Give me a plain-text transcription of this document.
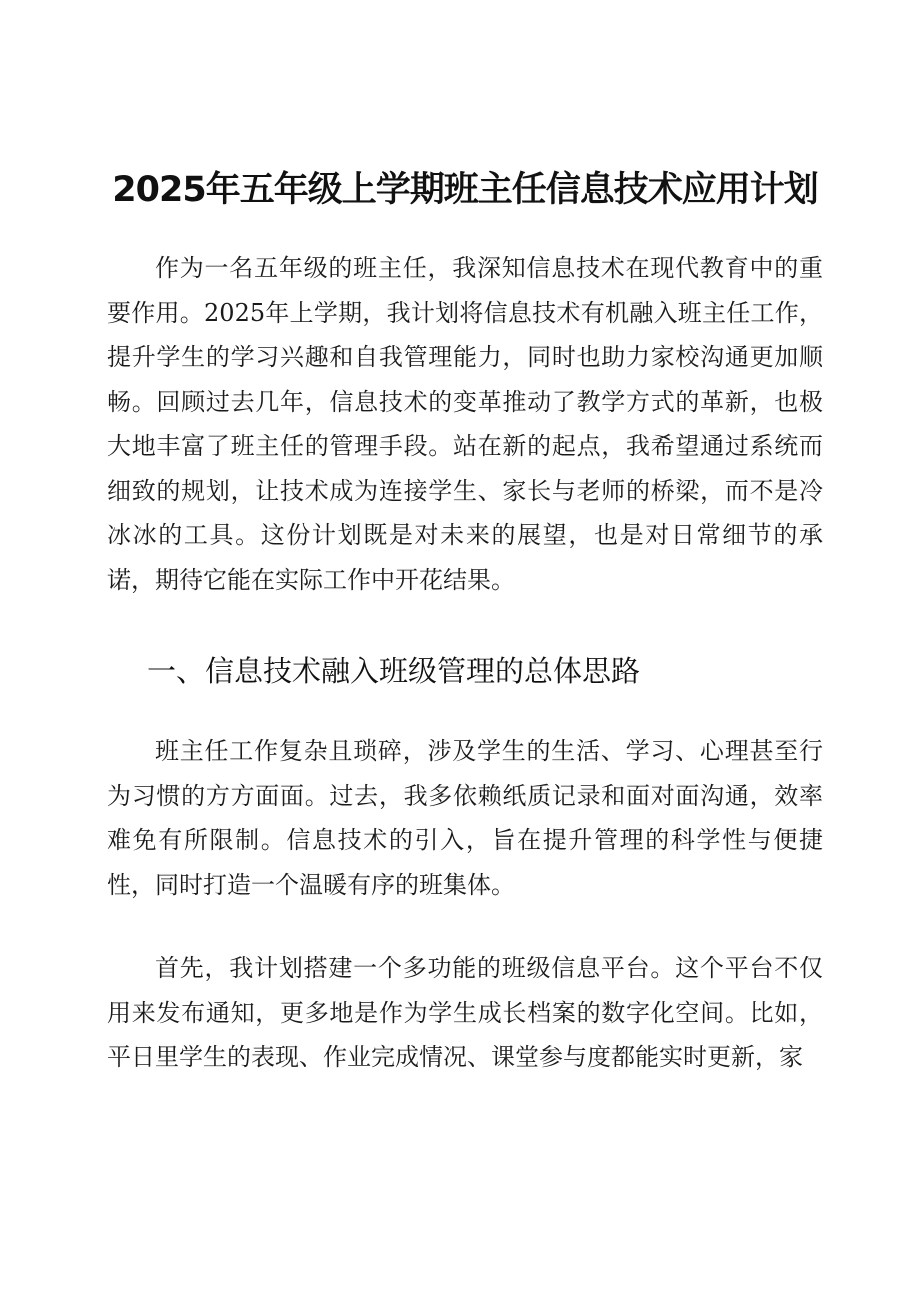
2025年五年级上学期班主任信息技术应用计划

作为一名五年级的班主任，我深知信息技术在现代教育中的重要作用。2025年上学期，我计划将信息技术有机融入班主任工作，提升学生的学习兴趣和自我管理能力，同时也助力家校沟通更加顺畅。回顾过去几年，信息技术的变革推动了教学方式的革新，也极大地丰富了班主任的管理手段。站在新的起点，我希望通过系统而细致的规划，让技术成为连接学生、家长与老师的桥梁，而不是冷冰冰的工具。这份计划既是对未来的展望，也是对日常细节的承诺，期待它能在实际工作中开花结果。

一、信息技术融入班级管理的总体思路

班主任工作复杂且琐碎，涉及学生的生活、学习、心理甚至行为习惯的方方面面。过去，我多依赖纸质记录和面对面沟通，效率难免有所限制。信息技术的引入，旨在提升管理的科学性与便捷性，同时打造一个温暖有序的班集体。

首先，我计划搭建一个多功能的班级信息平台。这个平台不仅用来发布通知，更多地是作为学生成长档案的数字化空间。比如，平日里学生的表现、作业完成情况、课堂参与度都能实时更新，家
